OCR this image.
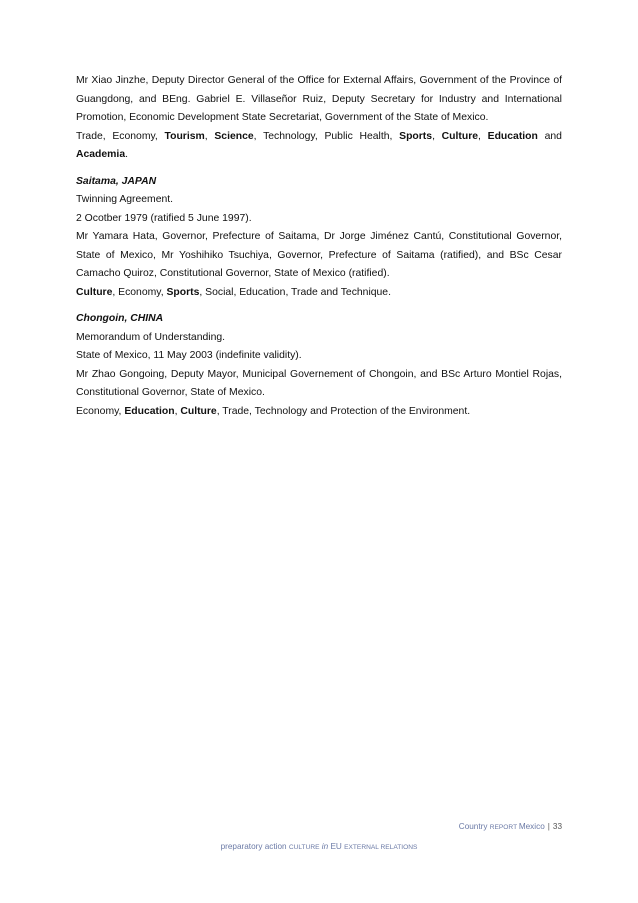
Mr Xiao Jinzhe, Deputy Director General of the Office for External Affairs, Government of the Province of Guangdong, and BEng. Gabriel E. Villaseñor Ruiz, Deputy Secretary for Industry and International Promotion, Economic Development State Secretariat, Government of the State of Mexico.

Trade, Economy, Tourism, Science, Technology, Public Health, Sports, Culture, Education and Academia.

Saitama, JAPAN

Twinning Agreement.

2 Ocotber 1979 (ratified 5 June 1997).

Mr Yamara Hata, Governor, Prefecture of Saitama, Dr Jorge Jiménez Cantú, Constitutional Governor, State of Mexico, Mr Yoshihiko Tsuchiya, Governor, Prefecture of Saitama (ratified), and BSc Cesar Camacho Quiroz, Constitutional Governor, State of Mexico (ratified).

Culture, Economy, Sports, Social, Education, Trade and Technique.

Chongoin, CHINA

Memorandum of Understanding.

State of Mexico, 11 May 2003 (indefinite validity).

Mr Zhao Gongoing, Deputy Mayor, Municipal Governement of Chongoin, and BSc Arturo Montiel Rojas, Constitutional Governor, State of Mexico.

Economy, Education, Culture, Trade, Technology and Protection of the Environment.

Country REPORT Mexico | 33
preparatory action CULTURE in EU EXTERNAL RELATIONS
